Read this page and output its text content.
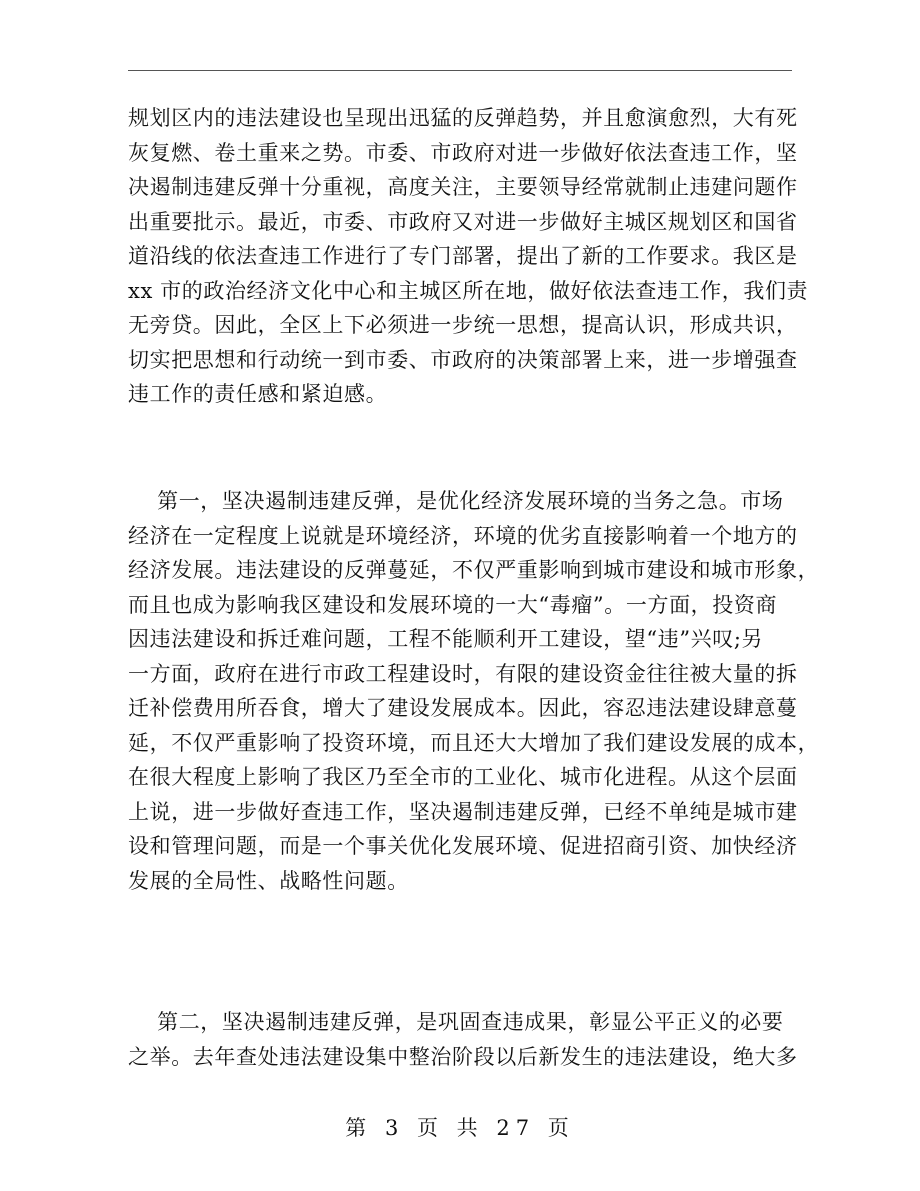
规划区内的违法建设也呈现出迅猛的反弹趋势，并且愈演愈烈，大有死
灰复燃、卷土重来之势。市委、市政府对进一步做好依法查违工作，坚
决遏制违建反弹十分重视，高度关注，主要领导经常就制止违建问题作
出重要批示。最近，市委、市政府又对进一步做好主城区规划区和国省
道沿线的依法查违工作进行了专门部署，提出了新的工作要求。我区是
xx 市的政治经济文化中心和主城区所在地，做好依法查违工作，我们责
无旁贷。因此，全区上下必须进一步统一思想，提高认识，形成共识，
切实把思想和行动统一到市委、市政府的决策部署上来，进一步增强查
违工作的责任感和紧迫感。
第一，坚决遏制违建反弹，是优化经济发展环境的当务之急。市场
经济在一定程度上说就是环境经济，环境的优劣直接影响着一个地方的
经济发展。违法建设的反弹蔓延，不仅严重影响到城市建设和城市形象，
而且也成为影响我区建设和发展环境的一大“毒瘤”。一方面，投资商
因违法建设和拆迁难问题，工程不能顺利开工建设，望“违”兴叹;另
一方面，政府在进行市政工程建设时，有限的建设资金往往被大量的拆
迁补偿费用所吞食，增大了建设发展成本。因此，容忍违法建设肆意蔓
延，不仅严重影响了投资环境，而且还大大增加了我们建设发展的成本，
在很大程度上影响了我区乃至全市的工业化、城市化进程。从这个层面
上说，进一步做好查违工作，坚决遏制违建反弹，已经不单纯是城市建
设和管理问题，而是一个事关优化发展环境、促进招商引资、加快经济
发展的全局性、战略性问题。
第二，坚决遏制违建反弹，是巩固查违成果，彰显公平正义的必要
之举。去年查处违法建设集中整治阶段以后新发生的违法建设，绝大多
第 3 页 共 27 页
